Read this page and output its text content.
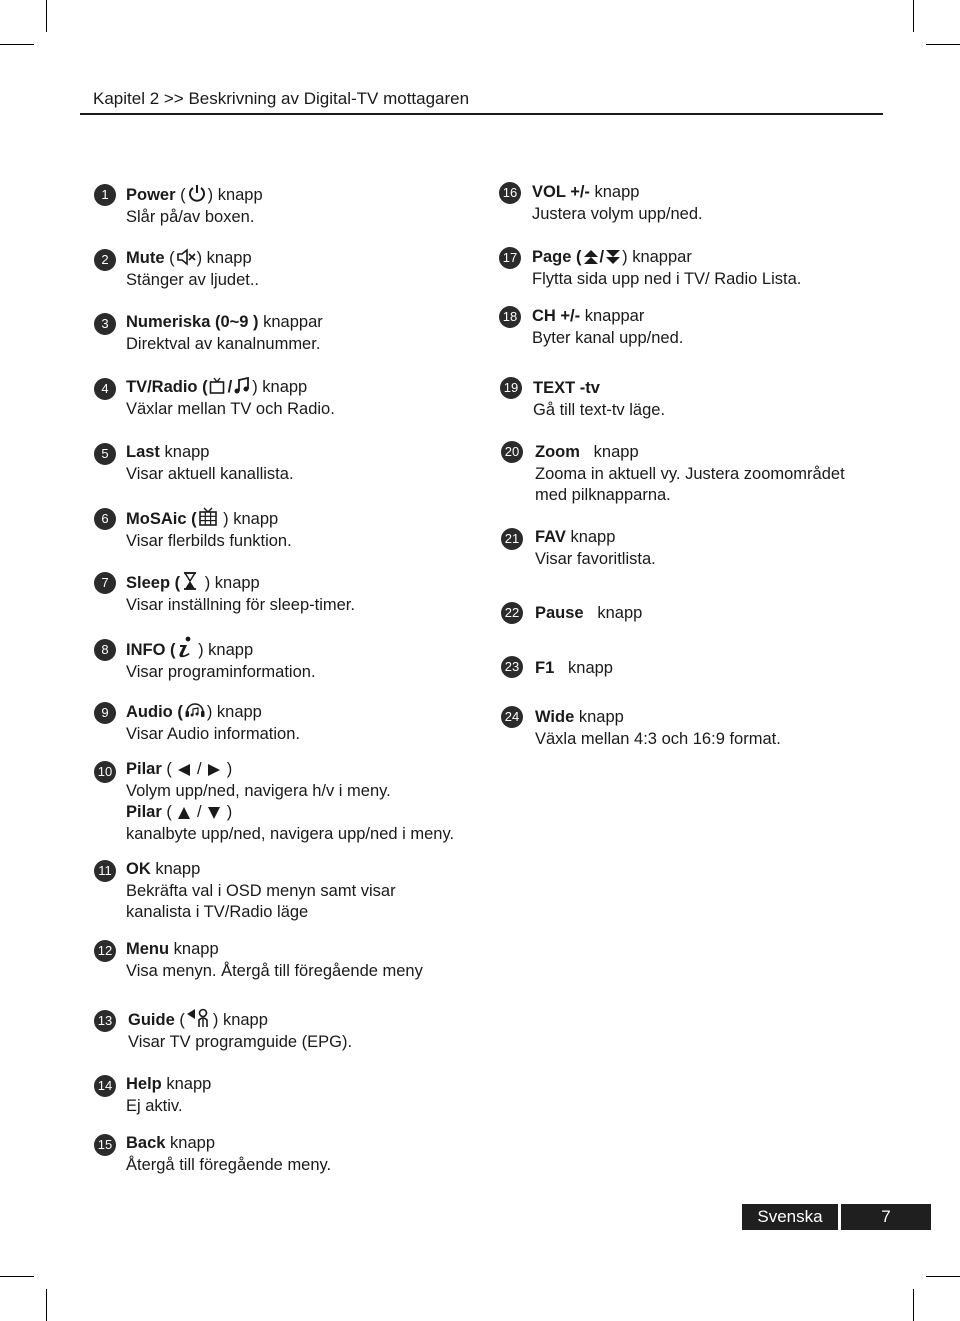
Kapitel 2 >> Beskrivning av Digital-TV mottagaren
1	Power ( ) knapp
Slår på/av boxen.
2	Mute ( ) knapp
Stänger av ljudet..
3	Numeriska (0~9 ) knappar
Direktval av kanalnummer.
4	TV/Radio ( / ) knapp
Växlar mellan TV och Radio.
5	Last knapp
Visar aktuell kanallista.
6	MoSAic (
) knapp
Visar flerbilds funktion.
7	Sleep (
) knapp
Visar inställning för sleep-timer.
8	INFO (
) knapp
Visar programinformation.
9	Audio ( ) knapp
Visar Audio information.
10 Pilar (
/
)
Volym upp/ned, navigera h/v i meny.
Pilar (
/
)
kanalbyte upp/ned, navigera upp/ned i meny.
11 OK knapp
Bekräfta val i OSD menyn samt visar
kanalista i TV/Radio läge
12 Menu knapp
Visa menyn. Återgå till föregående meny
13 Guide ( ) knapp
Visar TV programguide (EPG).
14 Help knapp
Ej aktiv.
15 Back knapp
Återgå till föregående meny.
16 VOL +/- knapp
Justera volym upp/ned.
17 Page ( / ) knappar
Flytta sida upp ned i TV/ Radio Lista.
18 CH +/- knappar
Byter kanal upp/ned.
19 TEXT -tv
Gå till text-tv läge.
20 Zoom   knapp
Zooma in aktuell vy. Justera zoomområdet
med pilknapparna.
21 FAV knapp
Visar favoritlista.
22 Pause   knapp
23 F1   knapp
24 Wide knapp
Växla mellan 4:3 och 16:9 format.
Svenska	7
